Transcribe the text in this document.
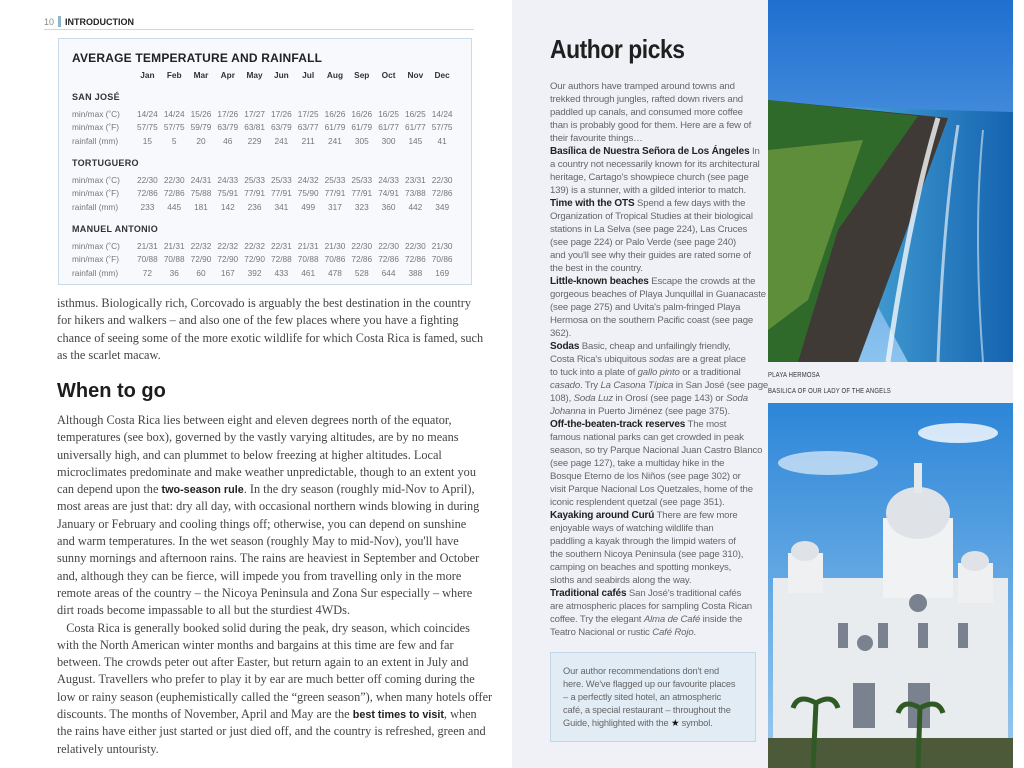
10 INTRODUCTION
AVERAGE TEMPERATURE AND RAINFALL
Jan	Feb	Mar	Apr	May	Jun	Jul	Aug	Sep	Oct	Nov	Dec
SAN JOSÉ
min/max (˚C)	14/24 14/24 15/26 17/26 17/27 17/26 17/25 16/26 16/26 16/25 16/25 14/24
min/max (˚F)	57/75 57/75 59/79 63/79 63/81 63/79 63/77 61/79 61/79 61/77 61/77 57/75
rainfall (mm)	15	5	20	46	229	241	211	241	305	300	145	41
TORTUGUERO
min/max (˚C)	22/30 22/30 24/31 24/33 25/33 25/33 24/32 25/33 25/33 24/33 23/31 22/30
min/max (˚F)	72/86 72/86 75/88 75/91 77/91 77/91 75/90 77/91 77/91 74/91 73/88 72/86
rainfall (mm)	233	445	181	142	236	341	499	317	323	360	442	349
MANUEL ANTONIO
min/max (˚C)	21/31 21/31 22/32 22/32 22/32 22/31 21/31 21/30 22/30 22/30 22/30 21/30
min/max (˚F)	70/88 70/88 72/90 72/90 72/90 72/88 70/88 70/86 72/86 72/86 72/86 70/86
rainfall (mm)	72	36	60	167	392	433	461	478	528	644	388	169
isthmus. Biologically rich, Corcovado is arguably the best destination in the country
for hikers and walkers – and also one of the few places where you have a fighting
chance of seeing some of the more exotic wildlife for which Costa Rica is famed, such
as the scarlet macaw.
When to go
Although Costa Rica lies between eight and eleven degrees north of the equator,
temperatures (see box), governed by the vastly varying altitudes, are by no means
universally high, and can plummet to below freezing at higher altitudes. Local
microclimates predominate and make weather unpredictable, though to an extent you
can depend upon the two-season rule. In the dry season (roughly mid-Nov to April),
most areas are just that: dry all day, with occasional northern winds blowing in during
January or February and cooling things off; otherwise, you can depend on sunshine
and warm temperatures. In the wet season (roughly May to mid-Nov), you'll have
sunny mornings and afternoon rains. The rains are heaviest in September and October
and, although they can be fierce, will impede you from travelling only in the more
remote areas of the country – the Nicoya Peninsula and Zona Sur especially – where
dirt roads become impassable to all but the sturdiest 4WDs.
Costa Rica is generally booked solid during the peak, dry season, which coincides
with the North American winter months and bargains at this time are few and far
between. The crowds peter out after Easter, but return again to an extent in July and
August. Travellers who prefer to play it by ear are much better off coming during the
low or rainy season (euphemistically called the “green season”), when many hotels offer
discounts. The months of November, April and May are the best times to visit, when
the rains have either just started or just died off, and the country is refreshed, green and
relatively untouristy.
Author picks
Our authors have tramped around towns and
trekked through jungles, rafted down rivers and
paddled up canals, and consumed more coffee
than is probably good for them. Here are a few of
their favourite things…
Basílica de Nuestra Señora de Los Ángeles In
a country not necessarily known for its architectural
heritage, Cartago's showpiece church (see page
139) is a stunner, with a gilded interior to match.
Time with the OTS Spend a few days with the
Organization of Tropical Studies at their biological
stations in La Selva (see page 224), Las Cruces
(see page 224) or Palo Verde (see page 240)
and you'll see why their guides are rated some of
the best in the country.
Little-known beaches Escape the crowds at the
gorgeous beaches of Playa Junquillal in Guanacaste
(see page 275) and Uvita's palm-fringed Playa
Hermosa on the southern Pacific coast (see page
362).
Sodas Basic, cheap and unfailingly friendly,
Costa Rica's ubiquitous sodas are a great place
to tuck into a plate of gallo pinto or a traditional
casado. Try La Casona Típica in San José (see page
108), Soda Luz in Orosí (see page 143) or Soda
Johanna in Puerto Jiménez (see page 375).
Off-the-beaten-track reserves The most
famous national parks can get crowded in peak
season, so try Parque Nacional Juan Castro Blanco
(see page 127), take a multiday hike in the
Bosque Eterno de los Niños (see page 302) or
visit Parque Nacional Los Quetzales, home of the
iconic resplendent quetzal (see page 351).
Kayaking around Curú There are few more
enjoyable ways of watching wildlife than
paddling a kayak through the limpid waters of
the southern Nicoya Peninsula (see page 310),
camping on beaches and spotting monkeys,
sloths and seabirds along the way.
Traditional cafés San José's traditional cafés
are atmospheric places for sampling Costa Rican
coffee. Try the elegant Alma de Café inside the
Teatro Nacional or rustic Café Rojo.
Our author recommendations don't end
here. We've flagged up our favourite places
– a perfectly sited hotel, an atmospheric
café, a special restaurant – throughout the
Guide, highlighted with the ★ symbol.
PLAYA HERMOSA
BASILICA OF OUR LADY OF THE ANGELS
